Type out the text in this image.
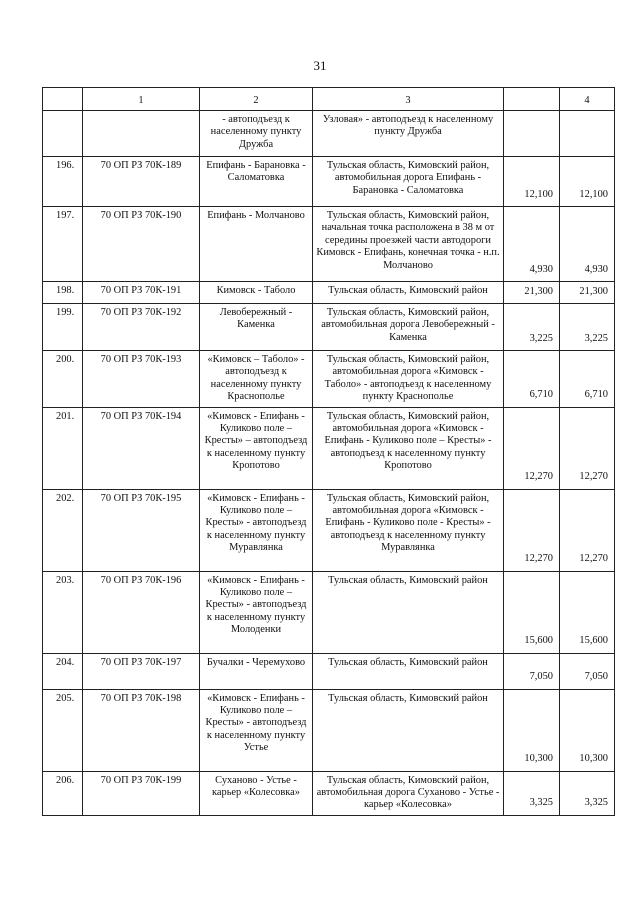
31
	1	2	3		4
		- автоподъезд к населенному пункту Дружба	Узловая» - автоподъезд к населенному пункту Дружба		
196.	70 ОП РЗ 70К-189	Епифань - Барановка - Саломатовка	Тульская область, Кимовский район, автомобильная дорога Епифань - Барановка - Саломатовка	12,100	12,100
197.	70 ОП РЗ 70К-190	Епифань - Молчаново	Тульская область, Кимовский район, начальная точка расположена в 38 м от середины проезжей части автодороги Кимовск - Епифань, конечная точка - н.п. Молчаново	4,930	4,930
198.	70 ОП РЗ 70К-191	Кимовск - Таболо	Тульская область, Кимовский район	21,300	21,300
199.	70 ОП РЗ 70К-192	Левобережный - Каменка	Тульская область, Кимовский район, автомобильная дорога Левобережный - Каменка	3,225	3,225
200.	70 ОП РЗ 70К-193	«Кимовск – Таболо» - автоподъезд к населенному пункту Краснополье	Тульская область, Кимовский район, автомобильная дорога «Кимовск - Таболо» - автоподъезд к населенному пункту Краснополье	6,710	6,710
201.	70 ОП РЗ 70К-194	«Кимовск - Епифань - Куликово поле – Кресты» – автоподъезд к населенному пункту Кропотово	Тульская область, Кимовский район, автомобильная дорога «Кимовск - Епифань - Куликово поле – Кресты» - автоподъезд к населенному пункту Кропотово	12,270	12,270
202.	70 ОП РЗ 70К-195	«Кимовск - Епифань - Куликово поле – Кресты» - автоподъезд к населенному пункту Муравлянка	Тульская область, Кимовский район, автомобильная дорога «Кимовск - Епифань - Куликово поле - Кресты» - автоподъезд к населенному пункту Муравлянка	12,270	12,270
203.	70 ОП РЗ 70К-196	«Кимовск - Епифань - Куликово поле – Кресты» - автоподъезд к населенному пункту Молоденки	Тульская область, Кимовский район	15,600	15,600
204.	70 ОП РЗ 70К-197	Бучалки - Черемухово	Тульская область, Кимовский район	7,050	7,050
205.	70 ОП РЗ 70К-198	«Кимовск - Епифань - Куликово поле – Кресты» - автоподъезд к населенному пункту Устье	Тульская область, Кимовский район	10,300	10,300
206.	70 ОП РЗ 70К-199	Суханово - Устье - карьер «Колесовка»	Тульская область, Кимовский район, автомобильная дорога Суханово - Устье - карьер «Колесовка»	3,325	3,325
